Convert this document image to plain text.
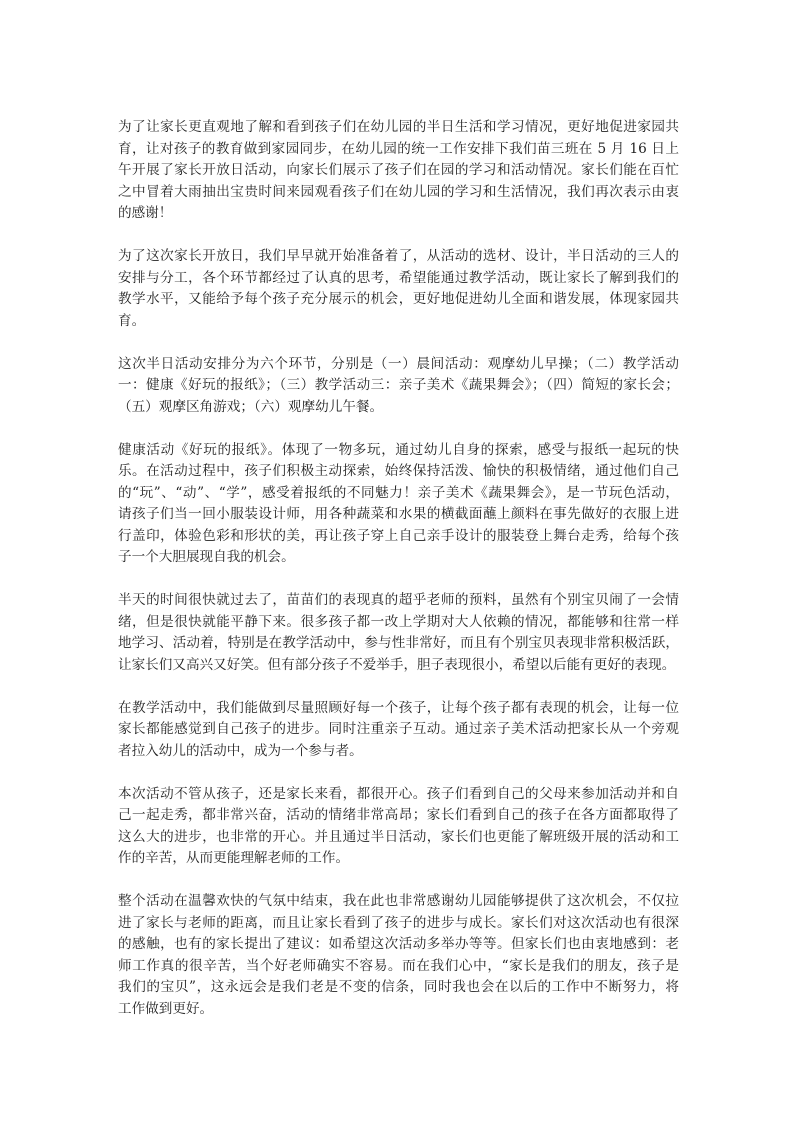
为了让家长更直观地了解和看到孩子们在幼儿园的半日生活和学习情况，更好地促进家园共
育，让对孩子的教育做到家园同步，在幼儿园的统一工作安排下我们苗三班在 5 月 16 日上
午开展了家长开放日活动，向家长们展示了孩子们在园的学习和活动情况。家长们能在百忙
之中冒着大雨抽出宝贵时间来园观看孩子们在幼儿园的学习和生活情况，我们再次表示由衷
的感谢！
为了这次家长开放日，我们早早就开始准备着了，从活动的选材、设计，半日活动的三人的
安排与分工，各个环节都经过了认真的思考，希望能通过教学活动，既让家长了解到我们的
教学水平，又能给予每个孩子充分展示的机会，更好地促进幼儿全面和谐发展，体现家园共
育。
这次半日活动安排分为六个环节，分别是（一）晨间活动：观摩幼儿早操；（二）教学活动
一：健康《好玩的报纸》；（三）教学活动三：亲子美术《蔬果舞会》；（四）简短的家长会；
（五）观摩区角游戏；（六）观摩幼儿午餐。
健康活动《好玩的报纸》。体现了一物多玩，通过幼儿自身的探索，感受与报纸一起玩的快
乐。在活动过程中，孩子们积极主动探索，始终保持活泼、愉快的积极情绪，通过他们自己
的“玩”、“动”、“学”，感受着报纸的不同魅力！亲子美术《蔬果舞会》，是一节玩色活动，
请孩子们当一回小服装设计师，用各种蔬菜和水果的横截面蘸上颜料在事先做好的衣服上进
行盖印，体验色彩和形状的美，再让孩子穿上自己亲手设计的服装登上舞台走秀，给每个孩
子一个大胆展现自我的机会。
半天的时间很快就过去了，苗苗们的表现真的超乎老师的预料，虽然有个别宝贝闹了一会情
绪，但是很快就能平静下来。很多孩子都一改上学期对大人依赖的情况，都能够和往常一样
地学习、活动着，特别是在教学活动中，参与性非常好，而且有个别宝贝表现非常积极活跃，
让家长们又高兴又好笑。但有部分孩子不爱举手，胆子表现很小，希望以后能有更好的表现。
在教学活动中，我们能做到尽量照顾好每一个孩子，让每个孩子都有表现的机会，让每一位
家长都能感觉到自己孩子的进步。同时注重亲子互动。通过亲子美术活动把家长从一个旁观
者拉入幼儿的活动中，成为一个参与者。
本次活动不管从孩子，还是家长来看，都很开心。孩子们看到自己的父母来参加活动并和自
己一起走秀，都非常兴奋，活动的情绪非常高昂；家长们看到自己的孩子在各方面都取得了
这么大的进步，也非常的开心。并且通过半日活动，家长们也更能了解班级开展的活动和工
作的辛苦，从而更能理解老师的工作。
整个活动在温馨欢快的气氛中结束，我在此也非常感谢幼儿园能够提供了这次机会，不仅拉
进了家长与老师的距离，而且让家长看到了孩子的进步与成长。家长们对这次活动也有很深
的感触，也有的家长提出了建议：如希望这次活动多举办等等。但家长们也由衷地感到：老
师工作真的很辛苦，当个好老师确实不容易。而在我们心中，“家长是我们的朋友，孩子是
我们的宝贝”，这永远会是我们老是不变的信条，同时我也会在以后的工作中不断努力，将
工作做到更好。
